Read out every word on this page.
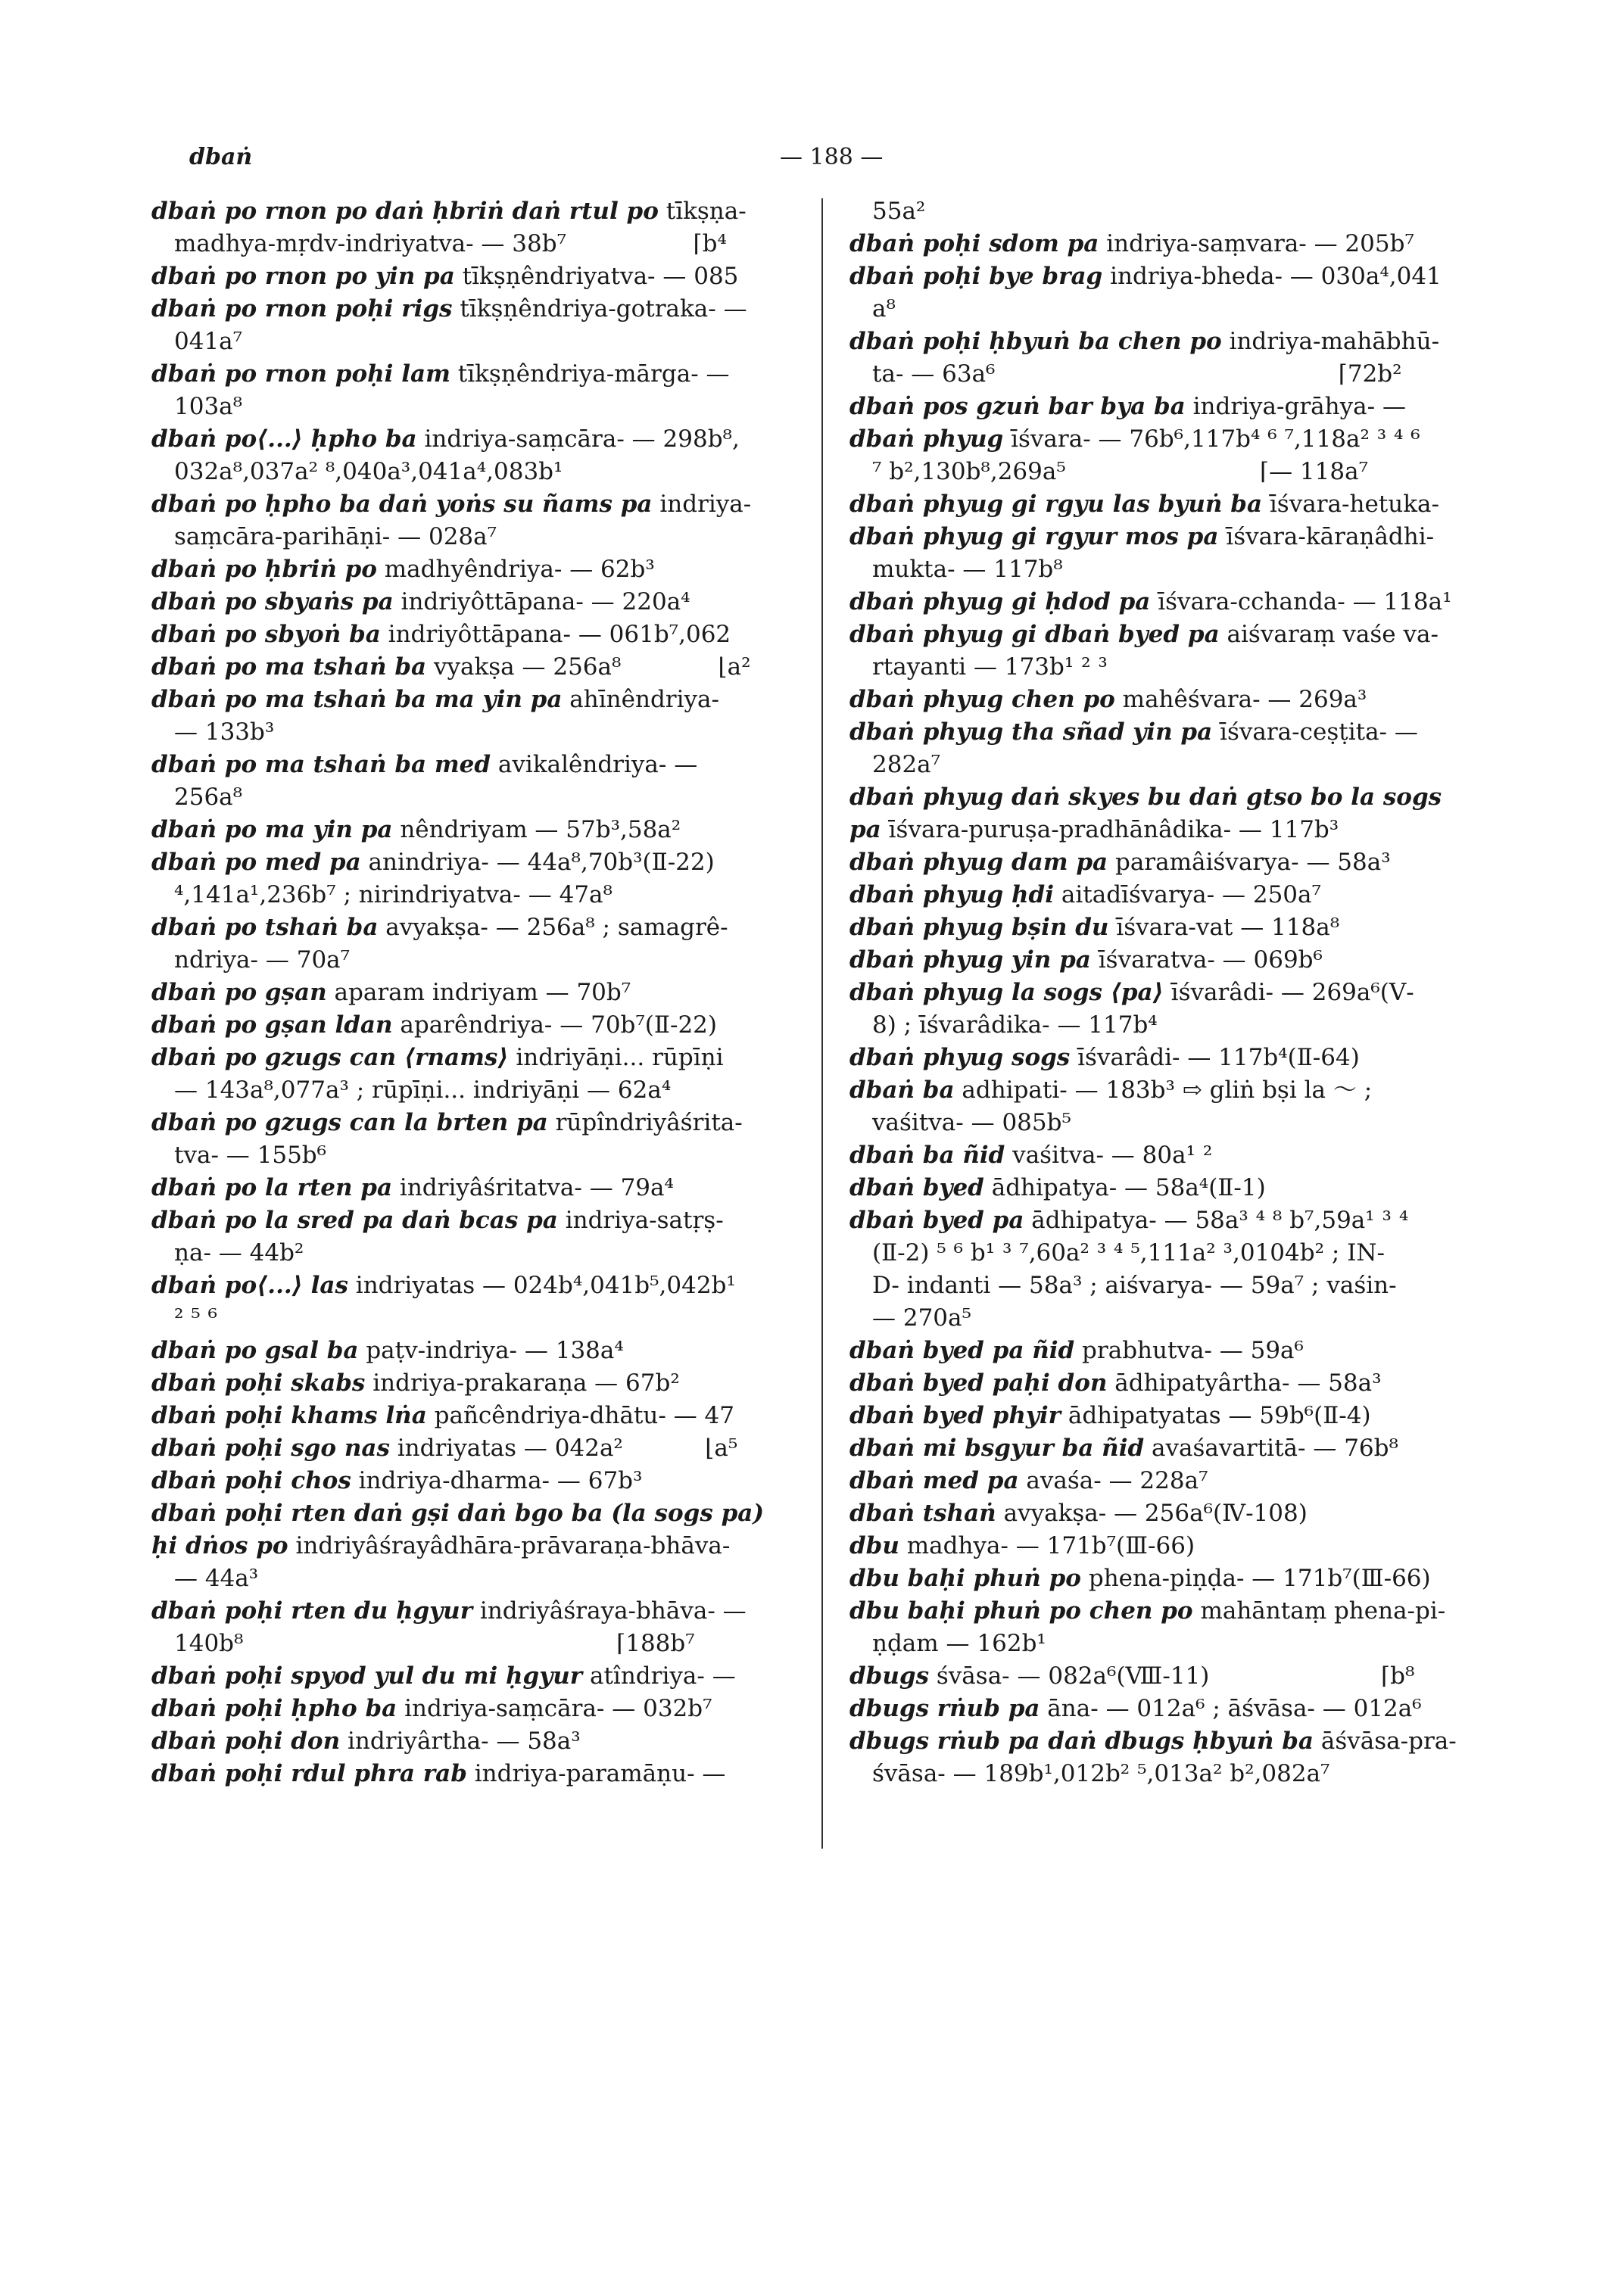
dbaṅ	— 188 —
dbaṅ po rnon po daṅ ḥbriṅ daṅ rtul po tīkṣṇa-
madhya-mṛdv-indriyatva- — 38b⁷                 ⌈b⁴
dbaṅ po rnon po yin pa tīkṣṇêndriyatva- — 085
dbaṅ po rnon poḥi rigs tīkṣṇêndriya-gotraka- —
041a⁷
dbaṅ po rnon poḥi lam tīkṣṇêndriya-mārga- —
103a⁸
dbaṅ po⟨...⟩ ḥpho ba indriya-saṃcāra- — 298b⁸,
032a⁸,037a² ⁸,040a³,041a⁴,083b¹
dbaṅ po ḥpho ba daṅ yoṅs su ñams pa indriya-
saṃcāra-parihāṇi- — 028a⁷
dbaṅ po ḥbriṅ po madhyêndriya- — 62b³
dbaṅ po sbyaṅs pa indriyôttāpana- — 220a⁴
dbaṅ po sbyoṅ ba indriyôttāpana- — 061b⁷,062
dbaṅ po ma tshaṅ ba vyakṣa — 256a⁸             ⌊a²
dbaṅ po ma tshaṅ ba ma yin pa ahīnêndriya-
— 133b³
dbaṅ po ma tshaṅ ba med avikalêndriya- —
256a⁸
dbaṅ po ma yin pa nêndriyam — 57b³,58a²
dbaṅ po med pa anindriya- — 44a⁸,70b³(Ⅱ-22)
⁴,141a¹,236b⁷ ; nirindriyatva- — 47a⁸
dbaṅ po tshaṅ ba avyakṣa- — 256a⁸ ; samagrê-
ndriya- — 70a⁷
dbaṅ po gṣan aparam indriyam — 70b⁷
dbaṅ po gṣan ldan aparêndriya- — 70b⁷(Ⅱ-22)
dbaṅ po gzugs can ⟨rnams⟩ indriyāṇi... rūpīṇi
— 143a⁸,077a³ ; rūpīṇi... indriyāṇi — 62a⁴
dbaṅ po gzugs can la brten pa rūpîndriyâśrita-
tva- — 155b⁶
dbaṅ po la rten pa indriyâśritatva- — 79a⁴
dbaṅ po la sred pa daṅ bcas pa indriya-satṛṣ-
ṇa- — 44b²
dbaṅ po⟨...⟩ las indriyatas — 024b⁴,041b⁵,042b¹
² ⁵ ⁶
dbaṅ po gsal ba paṭv-indriya- — 138a⁴
dbaṅ poḥi skabs indriya-prakaraṇa — 67b²
dbaṅ poḥi khams lṅa pañcêndriya-dhātu- — 47
dbaṅ poḥi sgo nas indriyatas — 042a²           ⌊a⁵
dbaṅ poḥi chos indriya-dharma- — 67b³
dbaṅ poḥi rten daṅ gṣi daṅ bgo ba (la sogs pa)
ḥi dṅos po indriyâśrayâdhāra-prāvaraṇa-bhāva-
— 44a³
dbaṅ poḥi rten du ḥgyur indriyâśraya-bhāva- —
140b⁸                                                  ⌈188b⁷
dbaṅ poḥi spyod yul du mi ḥgyur atîndriya- —
dbaṅ poḥi ḥpho ba indriya-saṃcāra- — 032b⁷
dbaṅ poḥi don indriyârtha- — 58a³
dbaṅ poḥi rdul phra rab indriya-paramāṇu- —
55a²
dbaṅ poḥi sdom pa indriya-saṃvara- — 205b⁷
dbaṅ poḥi bye brag indriya-bheda- — 030a⁴,041
a⁸
dbaṅ poḥi ḥbyuṅ ba chen po indriya-mahābhū-
ta- — 63a⁶                                              ⌈72b²
dbaṅ pos gzuṅ bar bya ba indriya-grāhya- —
dbaṅ phyug īśvara- — 76b⁶,117b⁴ ⁶ ⁷,118a² ³ ⁴ ⁶
⁷ b²,130b⁸,269a⁵                          ⌈— 118a⁷
dbaṅ phyug gi rgyu las byuṅ ba īśvara-hetuka-
dbaṅ phyug gi rgyur mos pa īśvara-kāraṇâdhi-
mukta- — 117b⁸
dbaṅ phyug gi ḥdod pa īśvara-cchanda- — 118a¹
dbaṅ phyug gi dbaṅ byed pa aiśvaraṃ vaśe va-
rtayanti — 173b¹ ² ³
dbaṅ phyug chen po mahêśvara- — 269a³
dbaṅ phyug tha sñad yin pa īśvara-ceṣṭita- —
282a⁷
dbaṅ phyug daṅ skyes bu daṅ gtso bo la sogs
pa īśvara-puruṣa-pradhānâdika- — 117b³
dbaṅ phyug dam pa paramâiśvarya- — 58a³
dbaṅ phyug ḥdi aitadīśvarya- — 250a⁷
dbaṅ phyug bṣin du īśvara-vat — 118a⁸
dbaṅ phyug yin pa īśvaratva- — 069b⁶
dbaṅ phyug la sogs ⟨pa⟩ īśvarâdi- — 269a⁶(Ⅴ-
8) ; īśvarâdika- — 117b⁴
dbaṅ phyug sogs īśvarâdi- — 117b⁴(Ⅱ-64)
dbaṅ ba adhipati- — 183b³ ⇨ gliṅ bṣi la ～ ;
vaśitva- — 085b⁵
dbaṅ ba ñid vaśitva- — 80a¹ ²
dbaṅ byed ādhipatya- — 58a⁴(Ⅱ-1)
dbaṅ byed pa ādhipatya- — 58a³ ⁴ ⁸ b⁷,59a¹ ³ ⁴
(Ⅱ-2) ⁵ ⁶ b¹ ³ ⁷,60a² ³ ⁴ ⁵,111a² ³,0104b² ; IN-
D- indanti — 58a³ ; aiśvarya- — 59a⁷ ; vaśin-
— 270a⁵
dbaṅ byed pa ñid prabhutva- — 59a⁶
dbaṅ byed paḥi don ādhipatyârtha- — 58a³
dbaṅ byed phyir ādhipatyatas — 59b⁶(Ⅱ-4)
dbaṅ mi bsgyur ba ñid avaśavartitā- — 76b⁸
dbaṅ med pa avaśa- — 228a⁷
dbaṅ tshaṅ avyakṣa- — 256a⁶(Ⅳ-108)
dbu madhya- — 171b⁷(Ⅲ-66)
dbu baḥi phuṅ po phena-piṇḍa- — 171b⁷(Ⅲ-66)
dbu baḥi phuṅ po chen po mahāntaṃ phena-pi-
ṇḍam — 162b¹
dbugs śvāsa- — 082a⁶(Ⅷ-11)                       ⌈b⁸
dbugs rṅub pa āna- — 012a⁶ ; āśvāsa- — 012a⁶
dbugs rṅub pa daṅ dbugs ḥbyuṅ ba āśvāsa-pra-
śvāsa- — 189b¹,012b² ⁵,013a² b²,082a⁷
